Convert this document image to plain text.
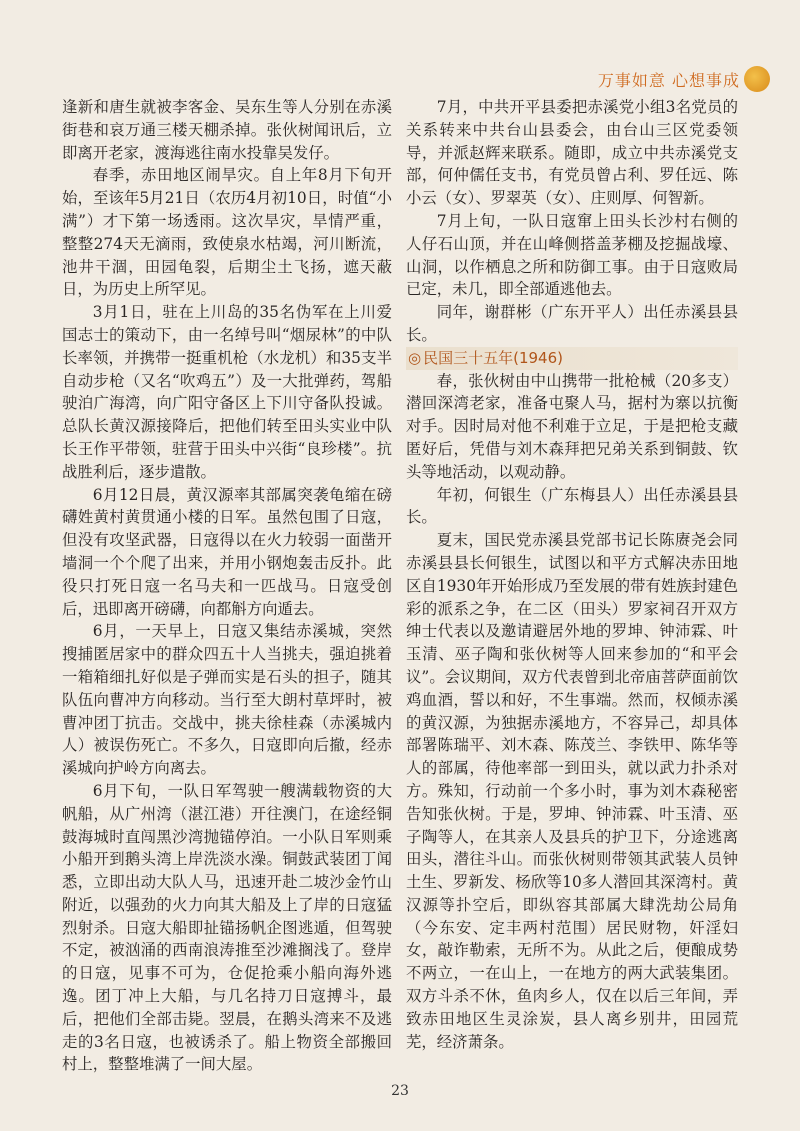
万事如意 心想事成

逢新和唐生就被李客金、吴东生等人分别在赤溪街巷和哀万通三楼天棚杀掉。张伙树闻讯后，立即离开老家，渡海逃往南水投靠吴发仔。

春季，赤田地区闹旱灾。自上年8月下旬开始，至该年5月21日（农历4月初10日，时值“小满”）才下第一场透雨。这次旱灾，旱情严重，整整274天无滴雨，致使泉水枯竭，河川断流，池井干涸，田园龟裂，后期尘土飞扬，遮天蔽日，为历史上所罕见。

3月1日，驻在上川岛的35名伪军在上川爱国志士的策动下，由一名绰号叫“烟尿林”的中队长率领，并携带一挺重机枪（水龙机）和35支半自动步枪（又名“吹鸡五”）及一大批弹药，驾船驶泊广海湾，向广阳守备区上下川守备队投诚。总队长黄汉源接降后，把他们转至田头实业中队长王作平带领，驻营于田头中兴街“良珍楼”。抗战胜利后，逐步遣散。

6月12日晨，黄汉源率其部属突袭龟缩在磅礴姓黄村黄贯通小楼的日军。虽然包围了日寇，但没有攻坚武器，日寇得以在火力较弱一面凿开墙洞一个个爬了出来，并用小钢炮轰击反扑。此役只打死日寇一名马夫和一匹战马。日寇受创后，迅即离开磅礴，向都斛方向遁去。

6月，一天早上，日寇又集结赤溪城，突然搜捕匿居家中的群众四五十人当挑夫，强迫挑着一箱箱细扎好似是子弹而实是石头的担子，随其队伍向曹冲方向移动。当行至大朗村草坪时，被曹冲团丁抗击。交战中，挑夫徐桂森（赤溪城内人）被误伤死亡。不多久，日寇即向后撤，经赤溪城向护岭方向离去。

6月下旬，一队日军驾驶一艘满载物资的大帆船，从广州湾（湛江港）开往澳门，在途经铜鼓海城时直闯黑沙湾抛锚停泊。一小队日军则乘小船开到鹅头湾上岸洗淡水澡。铜鼓武装团丁闻悉，立即出动大队人马，迅速开赴二坡沙金竹山附近，以强劲的火力向其大船及上了岸的日寇猛烈射杀。日寇大船即扯锚扬帆企图逃遁，但驾驶不定，被汹涌的西南浪涛推至沙滩搁浅了。登岸的日寇，见事不可为，仓促抢乘小船向海外逃逸。团丁冲上大船，与几名持刀日寇搏斗，最后，把他们全部击毙。翌晨，在鹅头湾来不及逃走的3名日寇，也被诱杀了。船上物资全部搬回村上，整整堆满了一间大屋。

7月，中共开平县委把赤溪党小组3名党员的关系转来中共台山县委会，由台山三区党委领导，并派赵辉来联系。随即，成立中共赤溪党支部，何仲儒任支书，有党员曾占利、罗任远、陈小云（女）、罗翠英（女）、庄则厚、何智新。

7月上旬，一队日寇窜上田头长沙村右侧的人仔石山顶，并在山峰侧搭盖茅棚及挖掘战壕、山洞，以作栖息之所和防御工事。由于日寇败局已定，未几，即全部遁逃他去。

同年，谢群彬（广东开平人）出任赤溪县县长。

◎ 民国三十五年(1946)

春，张伙树由中山携带一批枪械（20多支）潜回深湾老家，准备屯聚人马，据村为寨以抗衡对手。因时局对他不利难于立足，于是把枪支藏匿好后，凭借与刘木森拜把兄弟关系到铜鼓、钦头等地活动，以观动静。

年初，何银生（广东梅县人）出任赤溪县县长。

夏末，国民党赤溪县党部书记长陈赓尧会同赤溪县县长何银生，试图以和平方式解决赤田地区自1930年开始形成乃至发展的带有姓族封建色彩的派系之争，在二区（田头）罗家祠召开双方绅士代表以及邀请避居外地的罗坤、钟沛霖、叶玉清、巫子陶和张伙树等人回来参加的“和平会议”。会议期间，双方代表曾到北帝庙菩萨面前饮鸡血酒，誓以和好，不生事端。然而，权倾赤溪的黄汉源，为独据赤溪地方，不容异己，却具体部署陈瑞平、刘木森、陈茂兰、李铁甲、陈华等人的部属，待他率部一到田头，就以武力扑杀对方。殊知，行动前一个多小时，事为刘木森秘密告知张伙树。于是，罗坤、钟沛霖、叶玉清、巫子陶等人，在其亲人及县兵的护卫下，分途逃离田头，潜往斗山。而张伙树则带领其武装人员钟土生、罗新发、杨欣等10多人潜回其深湾村。黄汉源等扑空后，即纵容其部属大肆洗劫公局角（今东安、定丰两村范围）居民财物，奸淫妇女，敲诈勒索，无所不为。从此之后，便酿成势不两立，一在山上，一在地方的两大武装集团。双方斗杀不休，鱼肉乡人，仅在以后三年间，弄致赤田地区生灵涂炭，县人离乡别井，田园荒芜，经济萧条。

23
